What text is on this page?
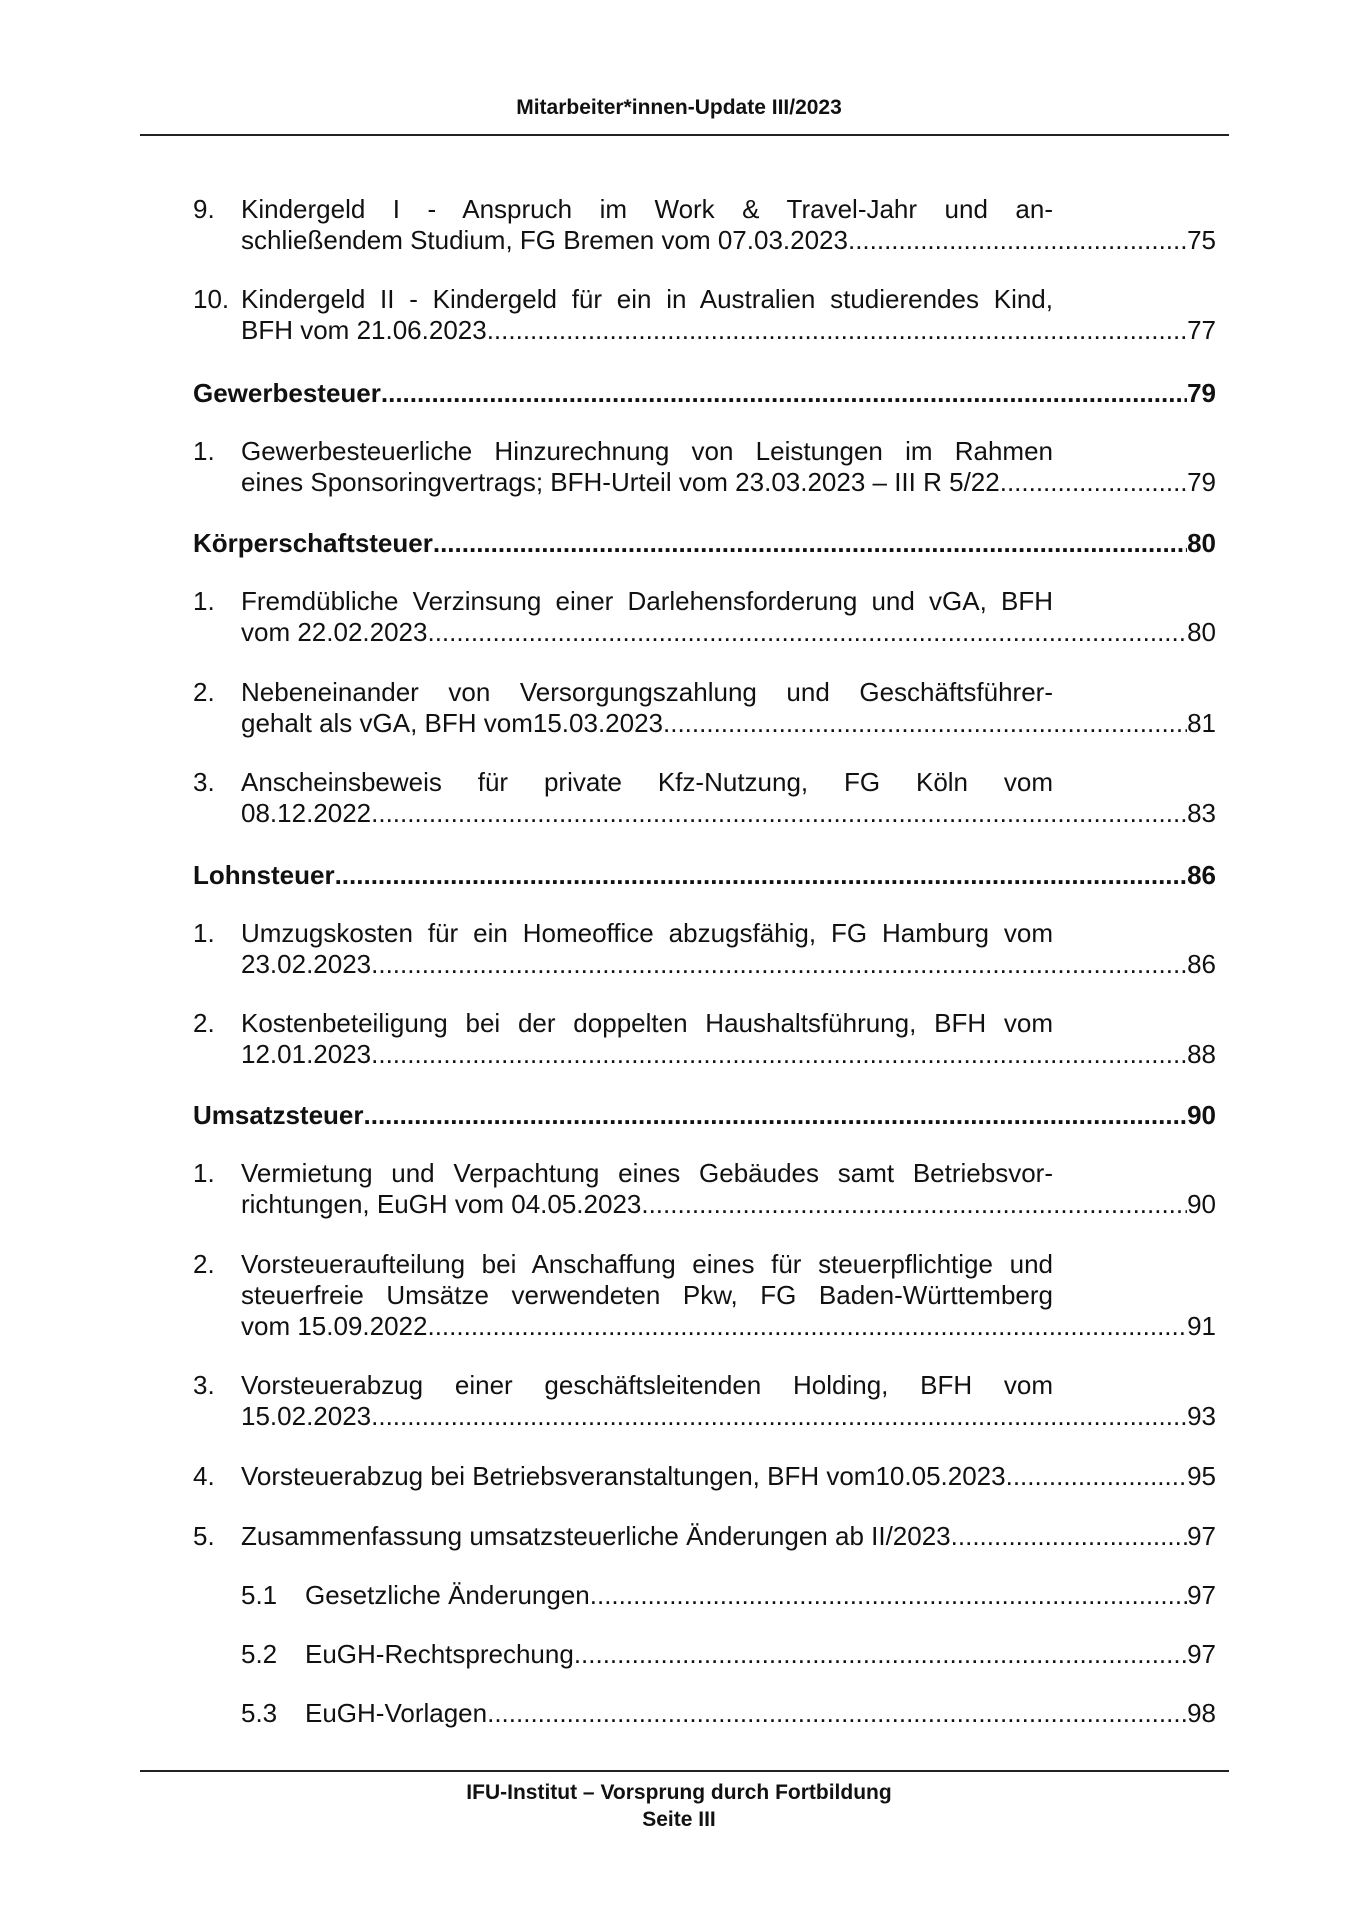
Mitarbeiter*innen-Update III/2023
9. Kindergeld I - Anspruch im Work & Travel-Jahr und an-
schließendem Studium, FG Bremen vom 07.03.2023 .....	75
10. Kindergeld II - Kindergeld für ein in Australien studierendes Kind,
BFH vom 21.06.2023. .....	77
Gewerbesteuer .....	79
1. Gewerbesteuerliche Hinzurechnung von Leistungen im Rahmen
eines Sponsoringvertrags; BFH-Urteil vom 23.03.2023 – III R 5/22 .....	79
Körperschaftsteuer .....	80
1. Fremdübliche Verzinsung einer Darlehensforderung und vGA, BFH
vom 22.02.2023. .....	80
2. Nebeneinander von Versorgungszahlung und Geschäftsführer-
gehalt als vGA, BFH vom15.03.2023 .....	81
3. Anscheinsbeweis für private Kfz-Nutzung, FG Köln vom
08.12.2022 .....	83
Lohnsteuer .....	86
1. Umzugskosten für ein Homeoffice abzugsfähig, FG Hamburg vom
23.02.2023 .....	86
2. Kostenbeteiligung bei der doppelten Haushaltsführung, BFH vom
12.01.2023 .....	88
Umsatzsteuer .....	90
1. Vermietung und Verpachtung eines Gebäudes samt Betriebsvor-
richtungen, EuGH vom 04.05.2023 .....	90
2. Vorsteueraufteilung bei Anschaffung eines für steuerpflichtige und
steuerfreie Umsätze verwendeten Pkw, FG Baden-Württemberg
vom 15.09.2022. .....	91
3. Vorsteuerabzug einer geschäftsleitenden Holding, BFH vom
15.02.2023 .....	93
4. Vorsteuerabzug bei Betriebsveranstaltungen, BFH vom10.05.2023 .....	95
5. Zusammenfassung umsatzsteuerliche Änderungen ab II/2023 .....	97
5.1 Gesetzliche Änderungen .....	97
5.2 EuGH-Rechtsprechung .....	97
5.3 EuGH-Vorlagen .....	98
IFU-Institut – Vorsprung durch Fortbildung
Seite III
